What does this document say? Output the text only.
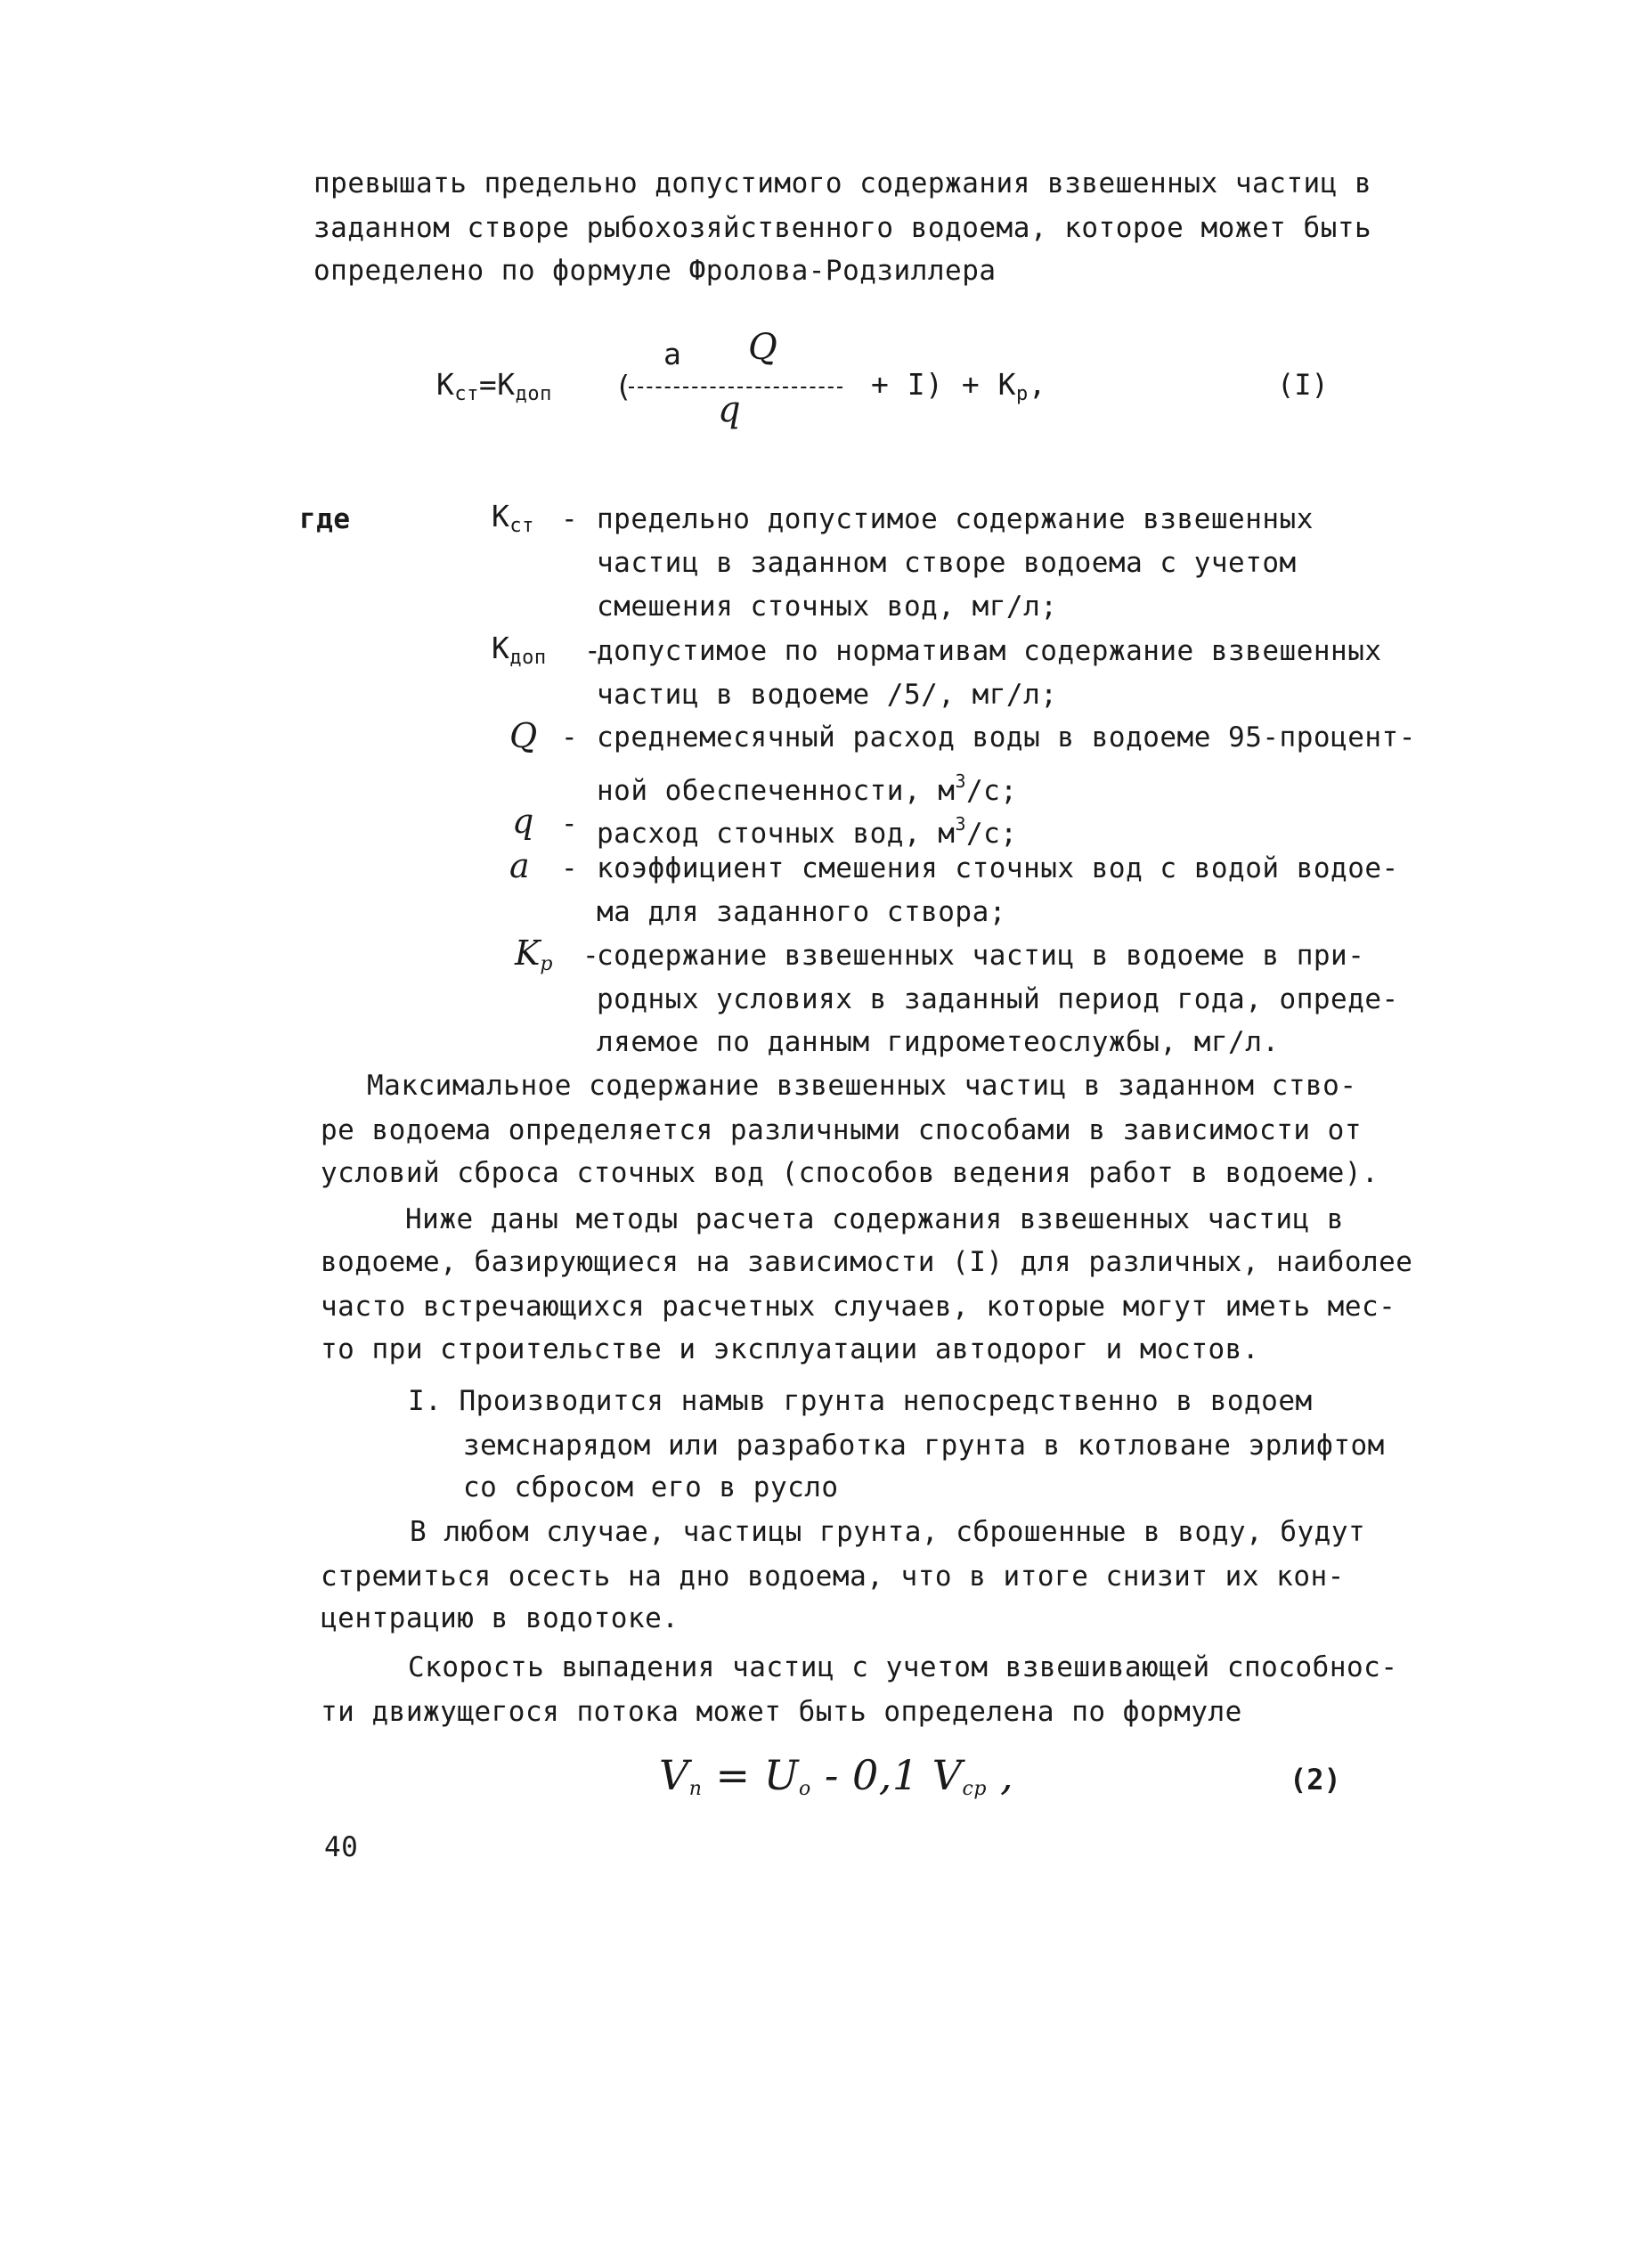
превышать предельно допустимого содержания взвешенных частиц в
заданном створе рыбохозяйственного водоема, которое может быть
определено по формуле Фролова-Родзиллера
$К_{ст}=К_{доп}$ (
a Q
q
+ $I) + К_р$,	(I)
где	$К_{ст}$ - предельно допустимое содержание взвешенных
частиц в заданном створе водоема с учетом
смешения сточных вод, мг/л;
$К_{доп}$ -
допустимое по нормативам содержание взвешенных
частиц в водоеме /5/, мг/л;
Q - среднемесячный расход воды в водоеме 95-процент-
ной обеспеченности, $м^3/с$;
q - расход сточных вод, $м^3/с$;
a - коэффициент смешения сточных вод с водой водое-
ма для заданного створа;
$K_р$ -
содержание взвешенных частиц в водоеме в при-
родных условиях в заданный период года, опреде-
ляемое по данным гидрометеослужбы, мг/л.
Максимальное содержание взвешенных частиц в заданном ство-
ре водоема определяется различными способами в зависимости от
условий сброса сточных вод (способов ведения работ в водоеме).
Ниже даны методы расчета содержания взвешенных частиц в
водоеме, базирующиеся на зависимости (I) для различных, наиболее
часто встречающихся расчетных случаев, которые могут иметь мес-
то при строительстве и эксплуатации автодорог и мостов.
I. Производится намыв грунта непосредственно в водоем
земснарядом или разработка грунта в котловане эрлифтом
со сбросом его в русло
В любом случае, частицы грунта, сброшенные в воду, будут
стремиться осесть на дно водоема, что в итоге снизит их кон-
центрацию в водотоке.
Скорость выпадения частиц с учетом взвешивающей способнос-
ти движущегося потока может быть определена по формуле
$V_п = U_о - 0,1$ $V_{ср}$ ,	(2)
40
